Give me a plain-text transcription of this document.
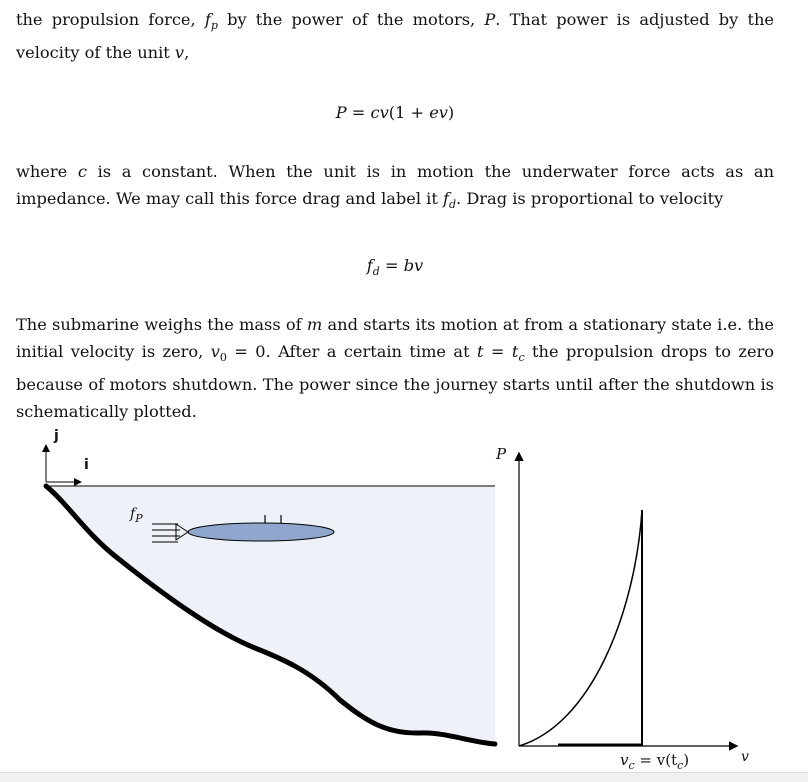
the propulsion force, $f_p$ by the power of the motors, P. That power is adjusted by the velocity of the unit v,

P = cv(1 + ev)

where c is a constant. When the unit is in motion the underwater force acts as an impedance. We may call this force drag and label it $f_d$. Drag is proportional to velocity

$f_d$ = bv

The submarine weighs the mass of m and starts its motion at from a stationary state i.e. the initial velocity is zero, $v_0 = 0$. After a certain time at $t = t_c$ the propulsion drops to zero because of motors shutdown. The power since the journey starts until after the shutdown is schematically plotted.

j
i
$f_P$
P
v
$v_c = v(t_c)$
